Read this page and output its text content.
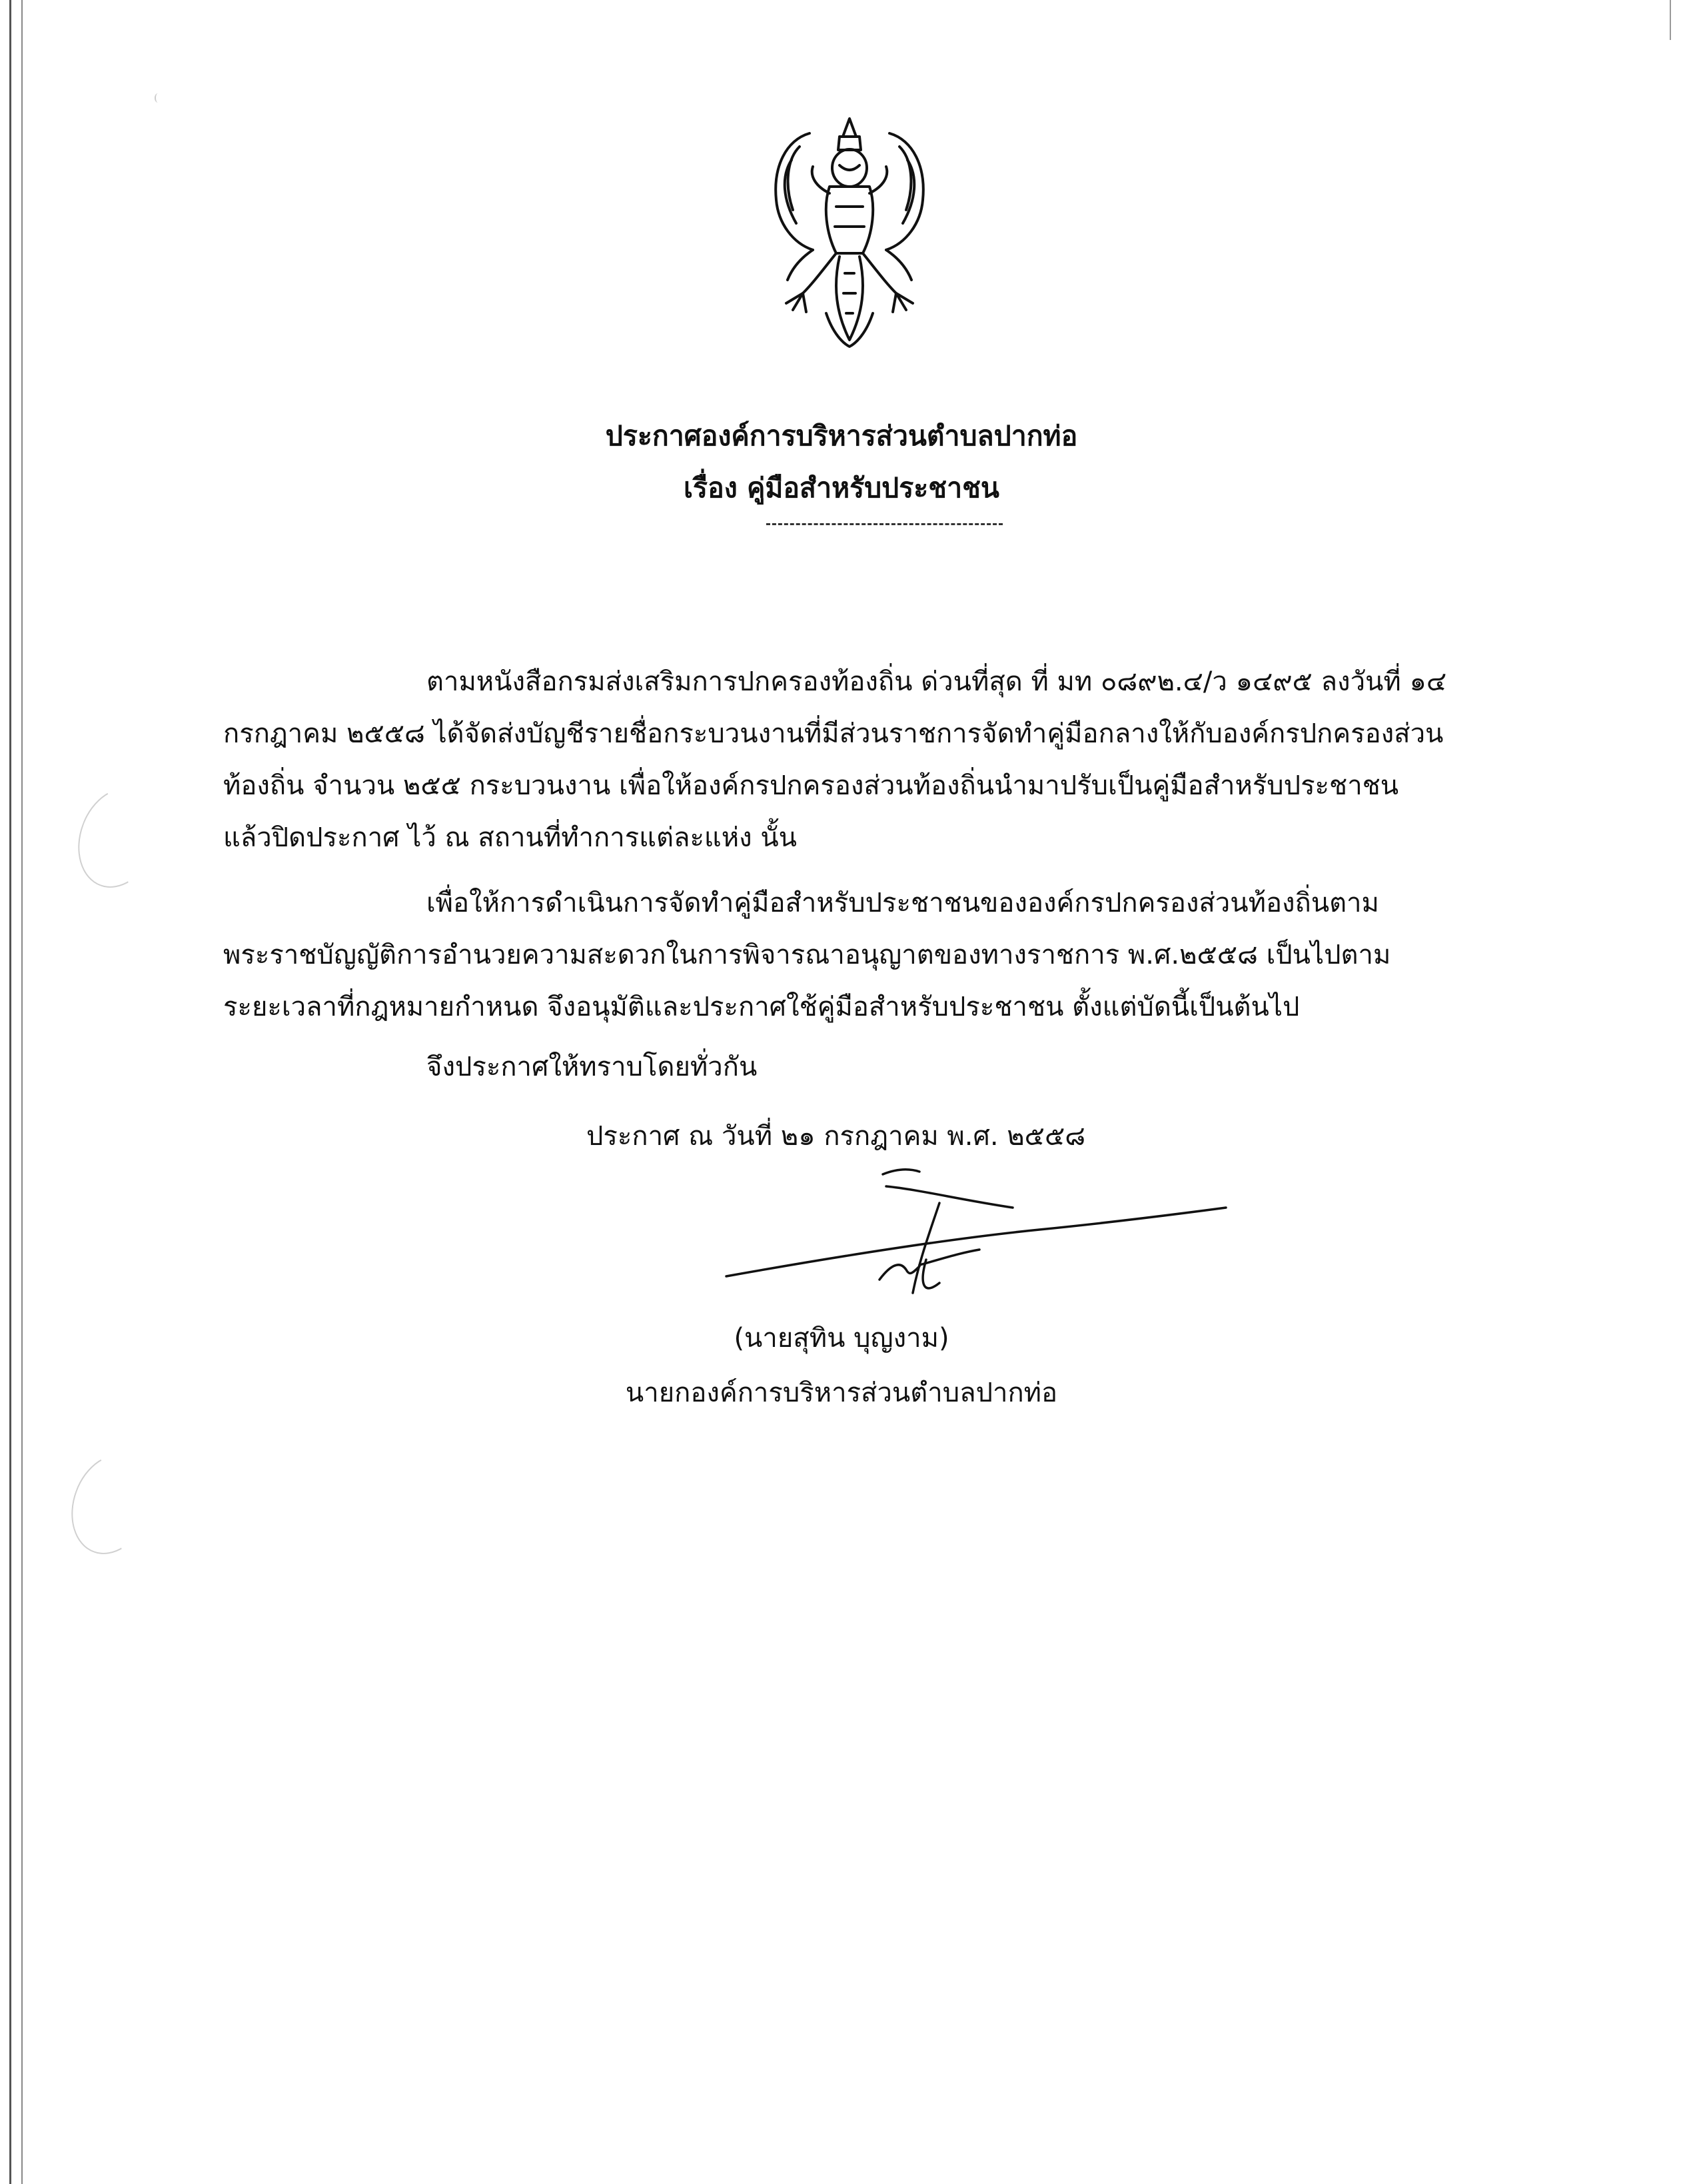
ประกาศองค์การบริหารส่วนตำบลปากท่อ
เรื่อง คู่มือสำหรับประชาชน
ตามหนังสือกรมส่งเสริมการปกครองท้องถิ่น ด่วนที่สุด ที่ มท ๐๘๙๒.๔/ว ๑๔๙๕ ลงวันที่ ๑๔
กรกฎาคม ๒๕๕๘ ได้จัดส่งบัญชีรายชื่อกระบวนงานที่มีส่วนราชการจัดทำคู่มือกลางให้กับองค์กรปกครองส่วน
ท้องถิ่น จำนวน ๒๕๕ กระบวนงาน เพื่อให้องค์กรปกครองส่วนท้องถิ่นนำมาปรับเป็นคู่มือสำหรับประชาชน
แล้วปิดประกาศ ไว้ ณ สถานที่ทำการแต่ละแห่ง นั้น
เพื่อให้การดำเนินการจัดทำคู่มือสำหรับประชาชนขององค์กรปกครองส่วนท้องถิ่นตาม
พระราชบัญญัติการอำนวยความสะดวกในการพิจารณาอนุญาตของทางราชการ พ.ศ.๒๕๕๘ เป็นไปตาม
ระยะเวลาที่กฎหมายกำหนด จึงอนุมัติและประกาศใช้คู่มือสำหรับประชาชน ตั้งแต่บัดนี้เป็นต้นไป
จึงประกาศให้ทราบโดยทั่วกัน
ประกาศ ณ วันที่ ๒๑ กรกฎาคม พ.ศ. ๒๕๕๘
(นายสุทิน บุญงาม)
นายกองค์การบริหารส่วนตำบลปากท่อ
